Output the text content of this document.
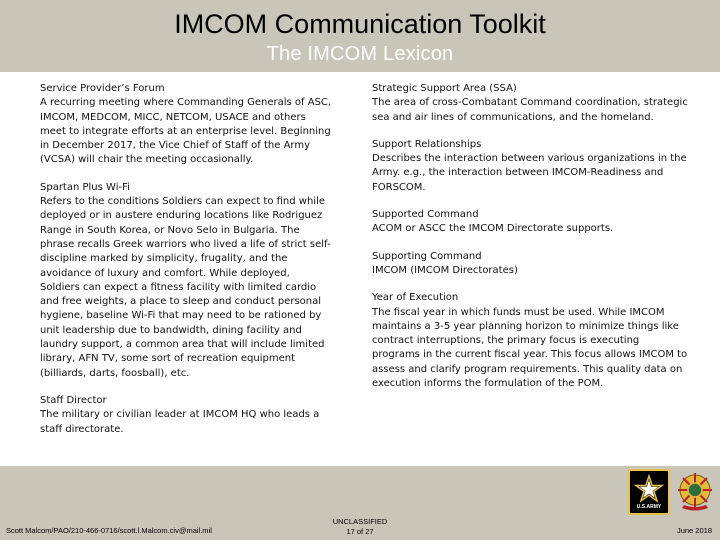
IMCOM Communication Toolkit
The IMCOM Lexicon
Service Provider’s Forum
A recurring meeting where Commanding Generals of ASC, IMCOM, MEDCOM, MICC, NETCOM, USACE and others meet to integrate efforts at an enterprise level. Beginning in December 2017, the Vice Chief of Staff of the Army (VCSA) will chair the meeting occasionally.
Spartan Plus Wi-Fi
Refers to the conditions Soldiers can expect to find while deployed or in austere enduring locations like Rodriguez Range in South Korea, or Novo Selo in Bulgaria. The phrase recalls Greek warriors who lived a life of strict self-discipline marked by simplicity, frugality, and the avoidance of luxury and comfort. While deployed, Soldiers can expect a fitness facility with limited cardio and free weights, a place to sleep and conduct personal hygiene, baseline Wi-Fi that may need to be rationed by unit leadership due to bandwidth, dining facility and laundry support, a common area that will include limited library, AFN TV, some sort of recreation equipment (billiards, darts, foosball), etc.
Staff Director
The military or civilian leader at IMCOM HQ who leads a staff directorate.
Strategic Support Area (SSA)
The area of cross-Combatant Command coordination, strategic sea and air lines of communications, and the homeland.
Support Relationships
Describes the interaction between various organizations in the Army. e.g., the interaction between IMCOM-Readiness and FORSCOM.
Supported Command
ACOM or ASCC the IMCOM Directorate supports.
Supporting Command
IMCOM (IMCOM Directorates)
Year of Execution
The fiscal year in which funds must be used. While IMCOM maintains a 3-5 year planning horizon to minimize things like contract interruptions, the primary focus is executing programs in the current fiscal year. This focus allows IMCOM to assess and clarify program requirements. This quality data on execution informs the formulation of the POM.
U.S.ARMY
Scott Malcom/PAO/210-466-0716/scott.l.Malcom.civ@mail.mil
UNCLASSIFIED
17 of 27	June 2018
